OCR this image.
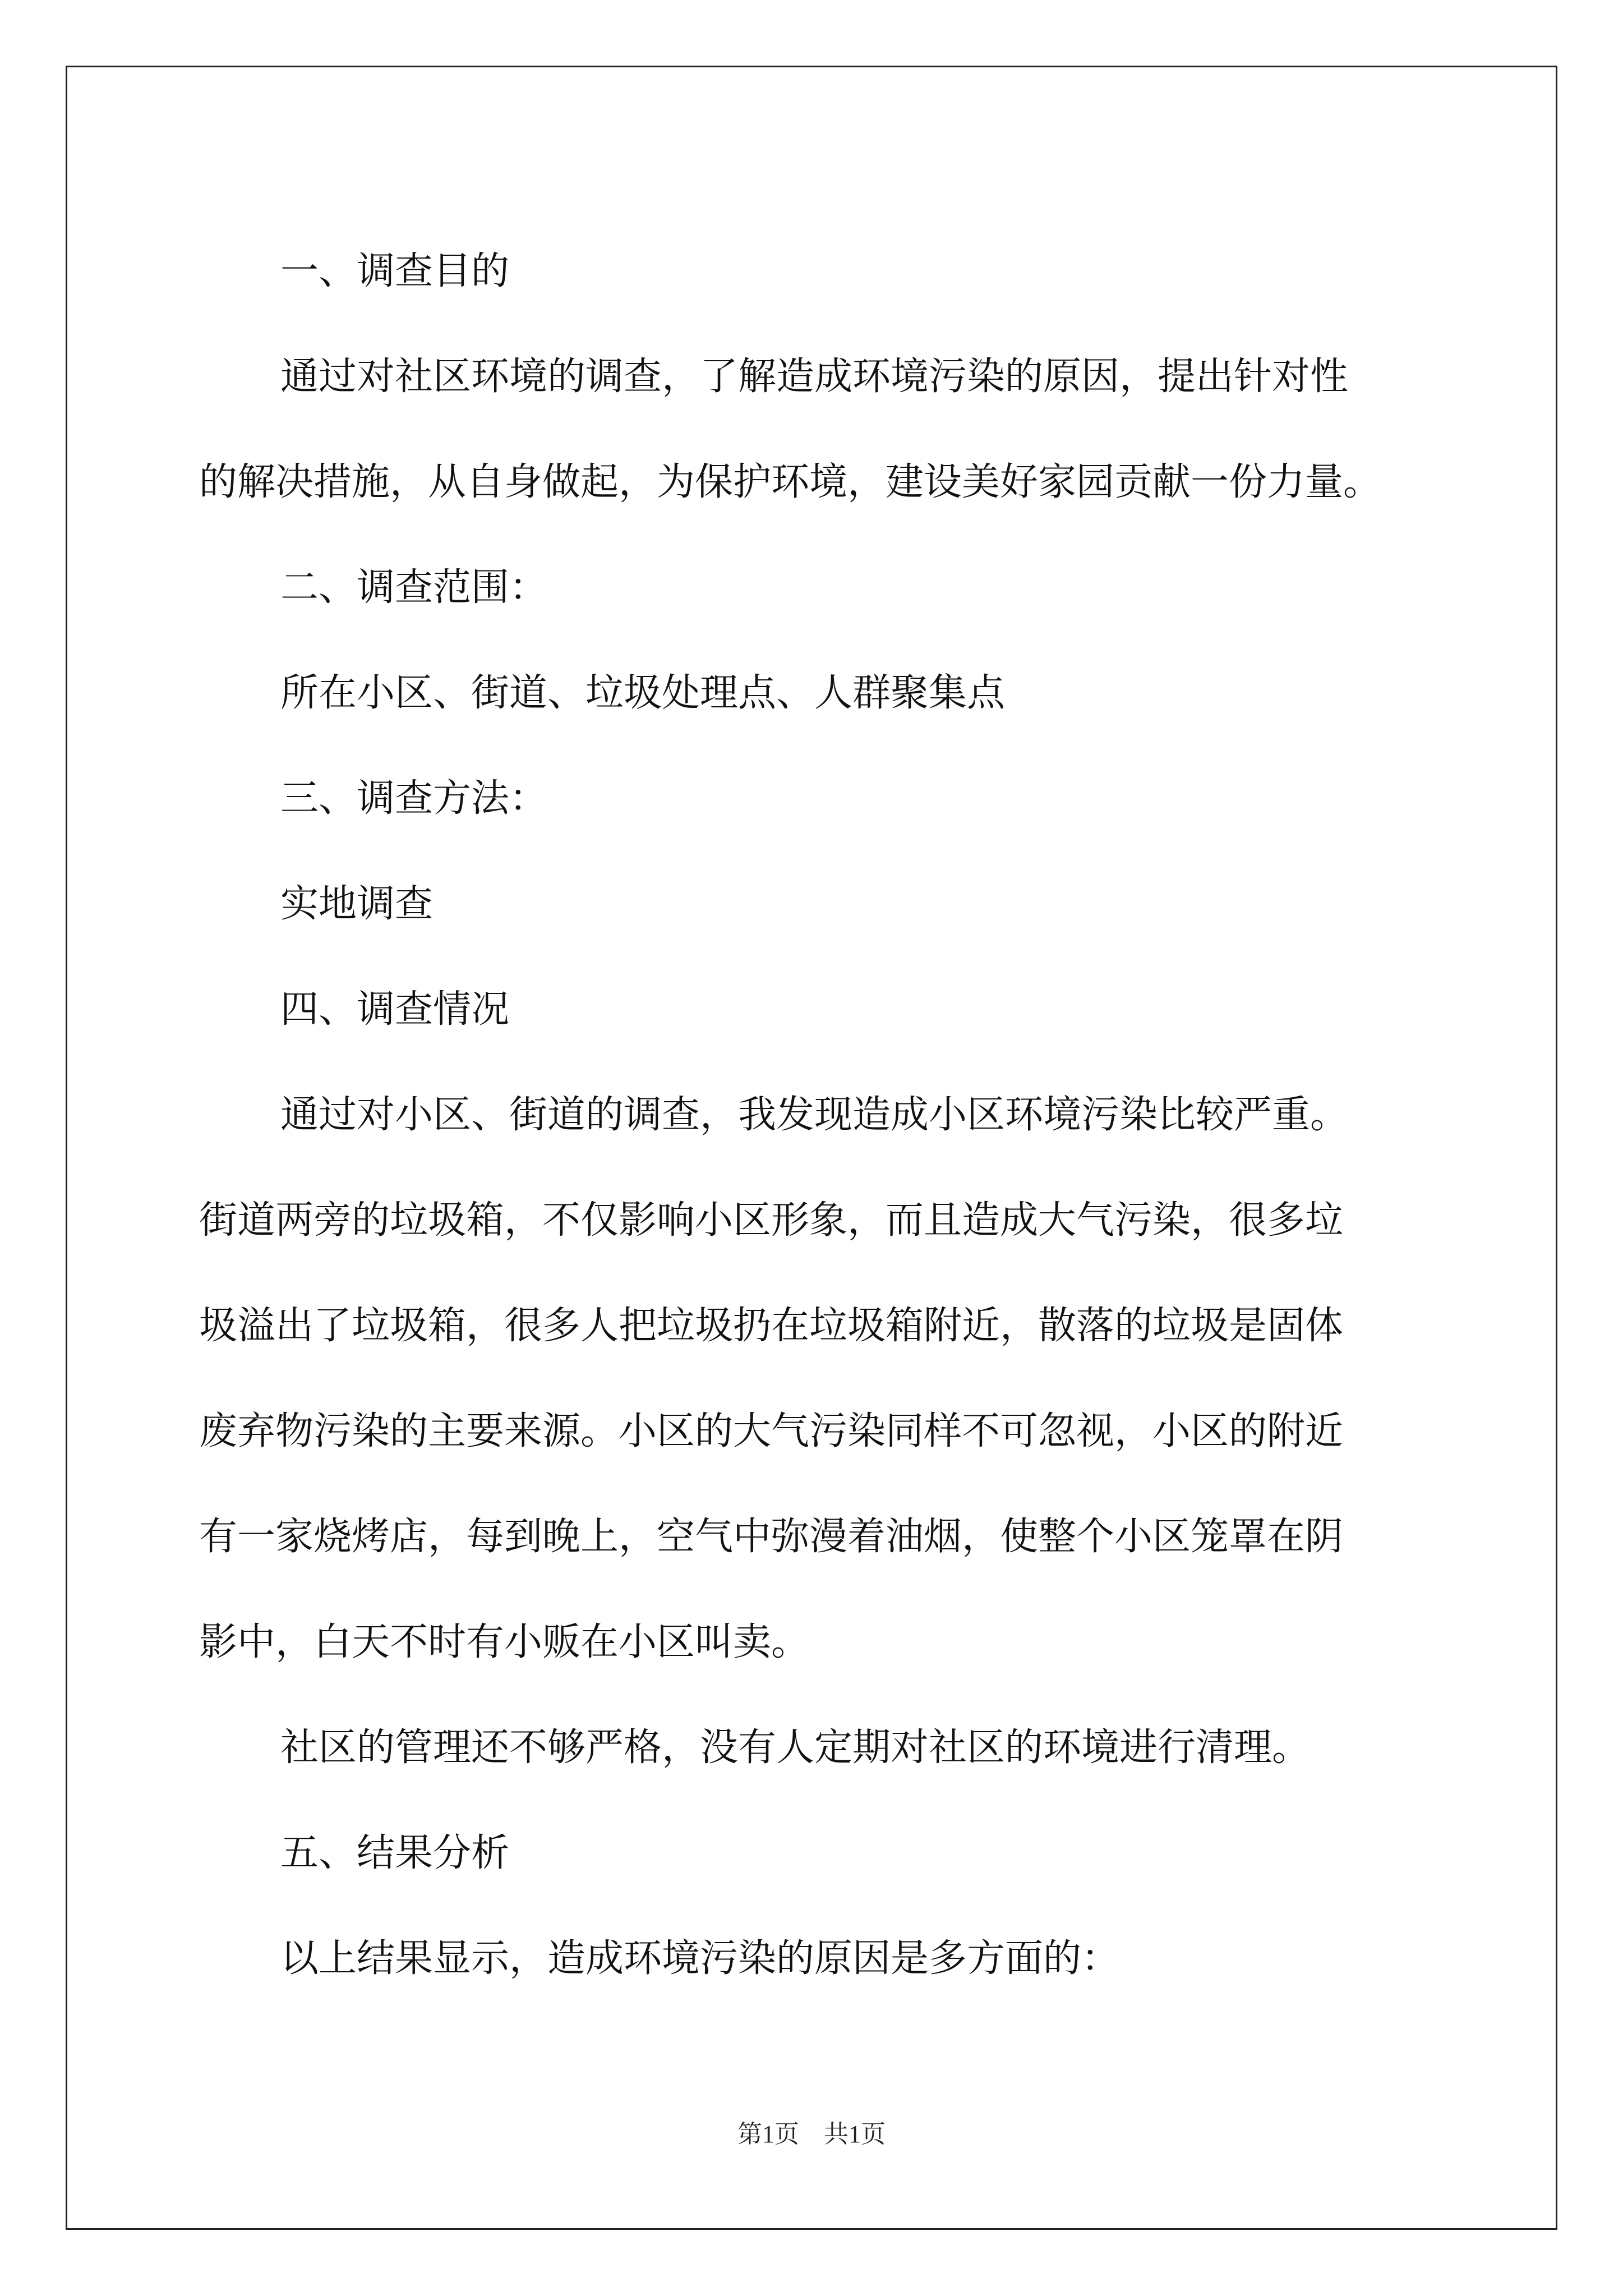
一、调查目的

通过对社区环境的调查，了解造成环境污染的原因，提出针对性

的解决措施，从自身做起，为保护环境，建设美好家园贡献一份力量。

二、调查范围：

所在小区、街道、垃圾处理点、人群聚集点

三、调查方法：

实地调查

四、调查情况

通过对小区、街道的调查，我发现造成小区环境污染比较严重。

街道两旁的垃圾箱，不仅影响小区形象，而且造成大气污染，很多垃

圾溢出了垃圾箱，很多人把垃圾扔在垃圾箱附近，散落的垃圾是固体

废弃物污染的主要来源。小区的大气污染同样不可忽视，小区的附近

有一家烧烤店，每到晚上，空气中弥漫着油烟，使整个小区笼罩在阴

影中，白天不时有小贩在小区叫卖。

社区的管理还不够严格，没有人定期对社区的环境进行清理。

五、结果分析

以上结果显示，造成环境污染的原因是多方面的：

第1页　共1页
